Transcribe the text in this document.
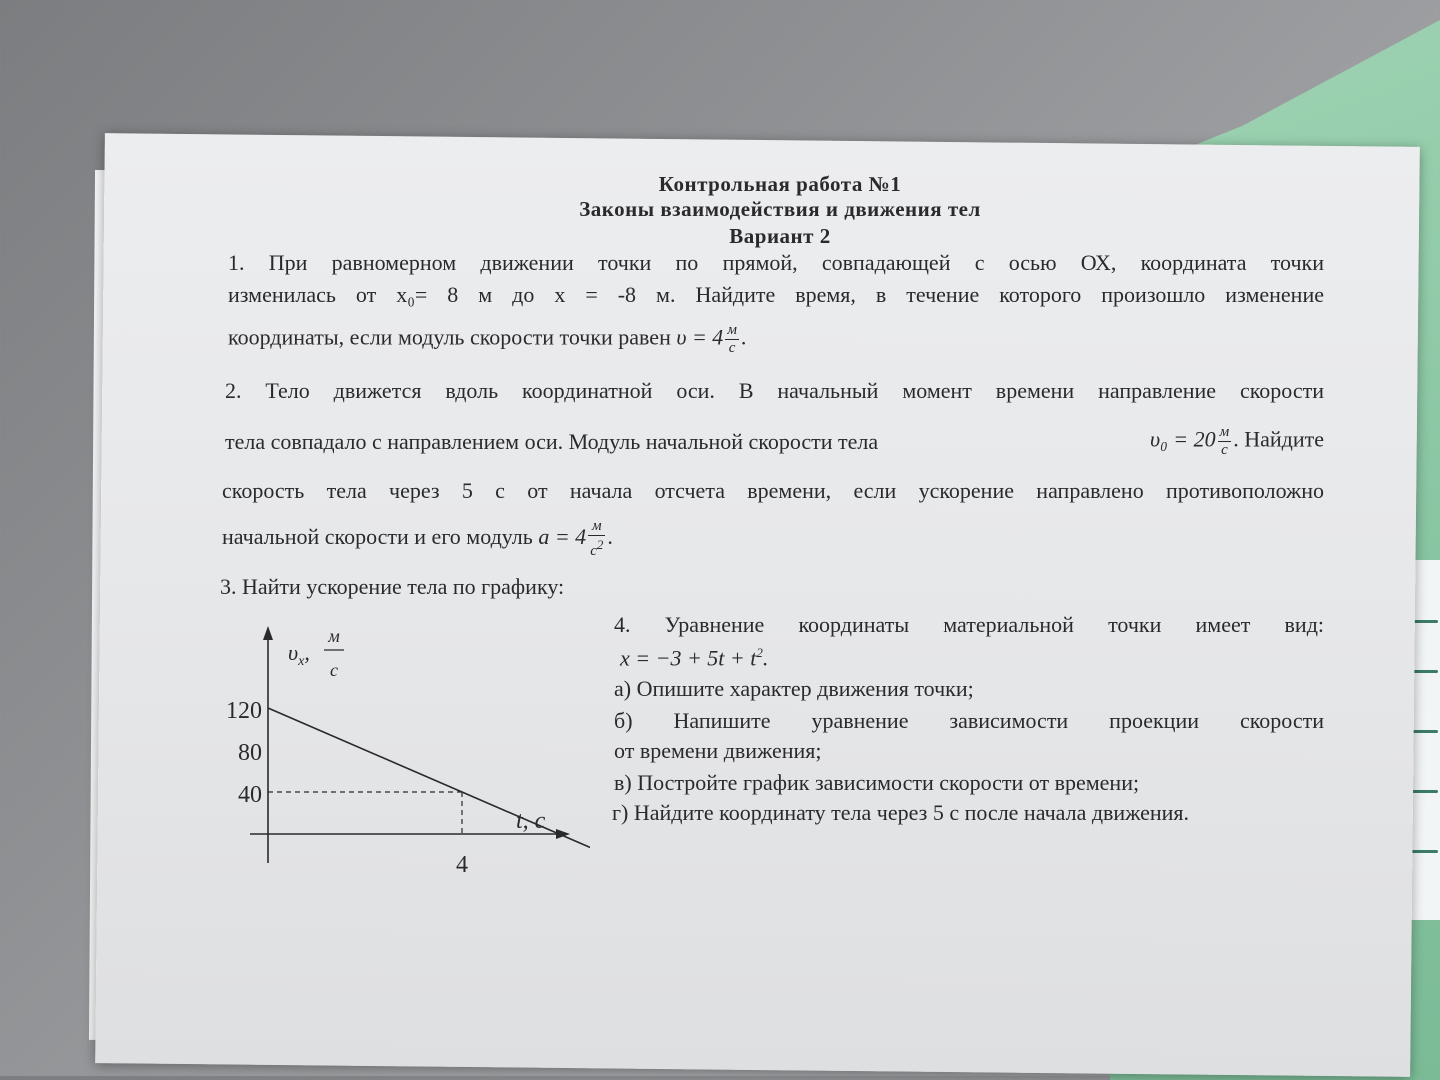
Контрольная работа №1
Законы взаимодействия и движения тел
Вариант 2
1. При равномерном движении точки по прямой, совпадающей с осью ОХ, координата точки
изменилась от x₀= 8 м до x = -8 м. Найдите время, в течение которого произошло изменение
координаты, если модуль скорости точки равен $\upsilon = 4 \frac{м}{с}$ .
2. Тело движется вдоль координатной оси. В начальный момент времени направление скорости
тела совпадало с направлением оси. Модуль начальной скорости тела	$\upsilon_0 = 20 \frac{м}{с}$ . Найдите
скорость тела через 5 с от начала отсчета времени, если ускорение направлено противоположно
начальной скорости и его модуль $a = 4 \frac{м}{с^2}$ .
3. Найти ускорение тела по графику:
120
80
40
4
$\upsilon_x$,
м
с
t, с
4. Уравнение координаты материальной точки имеет вид:
$x = -3 + 5t + t^2$.
а) Опишите характер движения точки;
б) Напишите уравнение зависимости проекции скорости
от времени движения;
в) Постройте график зависимости скорости от времени;
г) Найдите координату тела через 5 с после начала движения.
